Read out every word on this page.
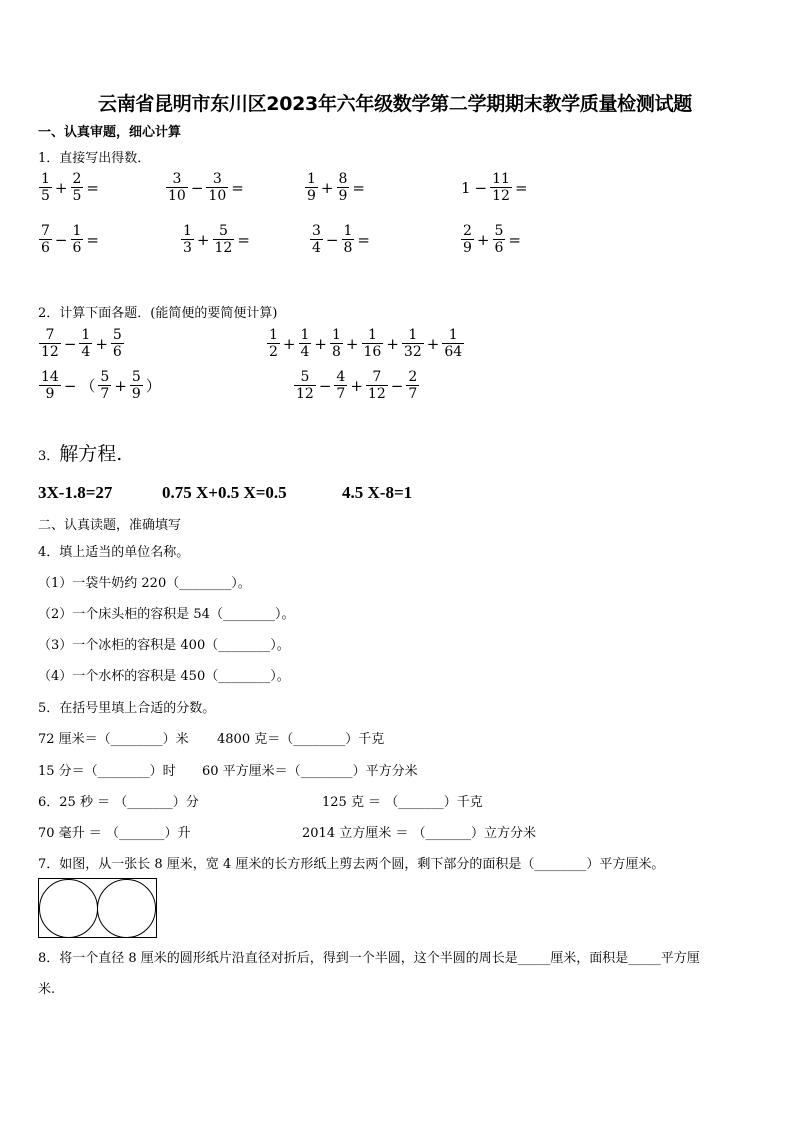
云南省昆明市东川区2023年六年级数学第二学期期末教学质量检测试题
一、认真审题，细心计算
1．直接写出得数．
$\frac{1}{5} + \frac{2}{5}$ =	$\frac{3}{10} - \frac{3}{10}$ =	$\frac{1}{9} + \frac{8}{9}$ =	$1 - \frac{11}{12}$ =
$\frac{7}{6} - \frac{1}{6}$ =	$\frac{1}{3} + \frac{5}{12}$ =	$\frac{3}{4} - \frac{1}{8}$ =	$\frac{2}{9} + \frac{5}{6}$ =
2．计算下面各题．(能简便的要简便计算)
$\frac{7}{12} - \frac{1}{4} + \frac{5}{6}$	$\frac{1}{2} + \frac{1}{4} + \frac{1}{8} + \frac{1}{16} + \frac{1}{32} + \frac{1}{64}$
$\frac{14}{9}$ − （ $\frac{5}{7} + \frac{5}{9}$ ）	$\frac{5}{12} - \frac{4}{7} + \frac{7}{12} - \frac{2}{7}$
3．解方程.
3X-1.8=27	0.75 X+0.5 X=0.5	4.5 X-8=1
二、认真读题，准确填写
4．填上适当的单位名称。
（1）一袋牛奶约 220（________）。
（2）一个床头柜的容积是 54（________）。
（3）一个冰柜的容积是 400（________）。
（4）一个水杯的容积是 450（________）。
5．在括号里填上合适的分数。
72 厘米＝（________）米 4800 克＝（________）千克
15 分＝（________）时 60 平方厘米＝（________）平方分米
6．25 秒 ＝ （_______）分	125 克 ＝ （_______）千克
70 毫升 ＝ （_______）升	2014 立方厘米 ＝ （_______）立方分米
7．如图，从一张长 8 厘米，宽 4 厘米的长方形纸上剪去两个圆，剩下部分的面积是（________）平方厘米。
8．将一个直径 8 厘米的圆形纸片沿直径对折后，得到一个半圆，这个半圆的周长是_____厘米，面积是_____平方厘
米.
